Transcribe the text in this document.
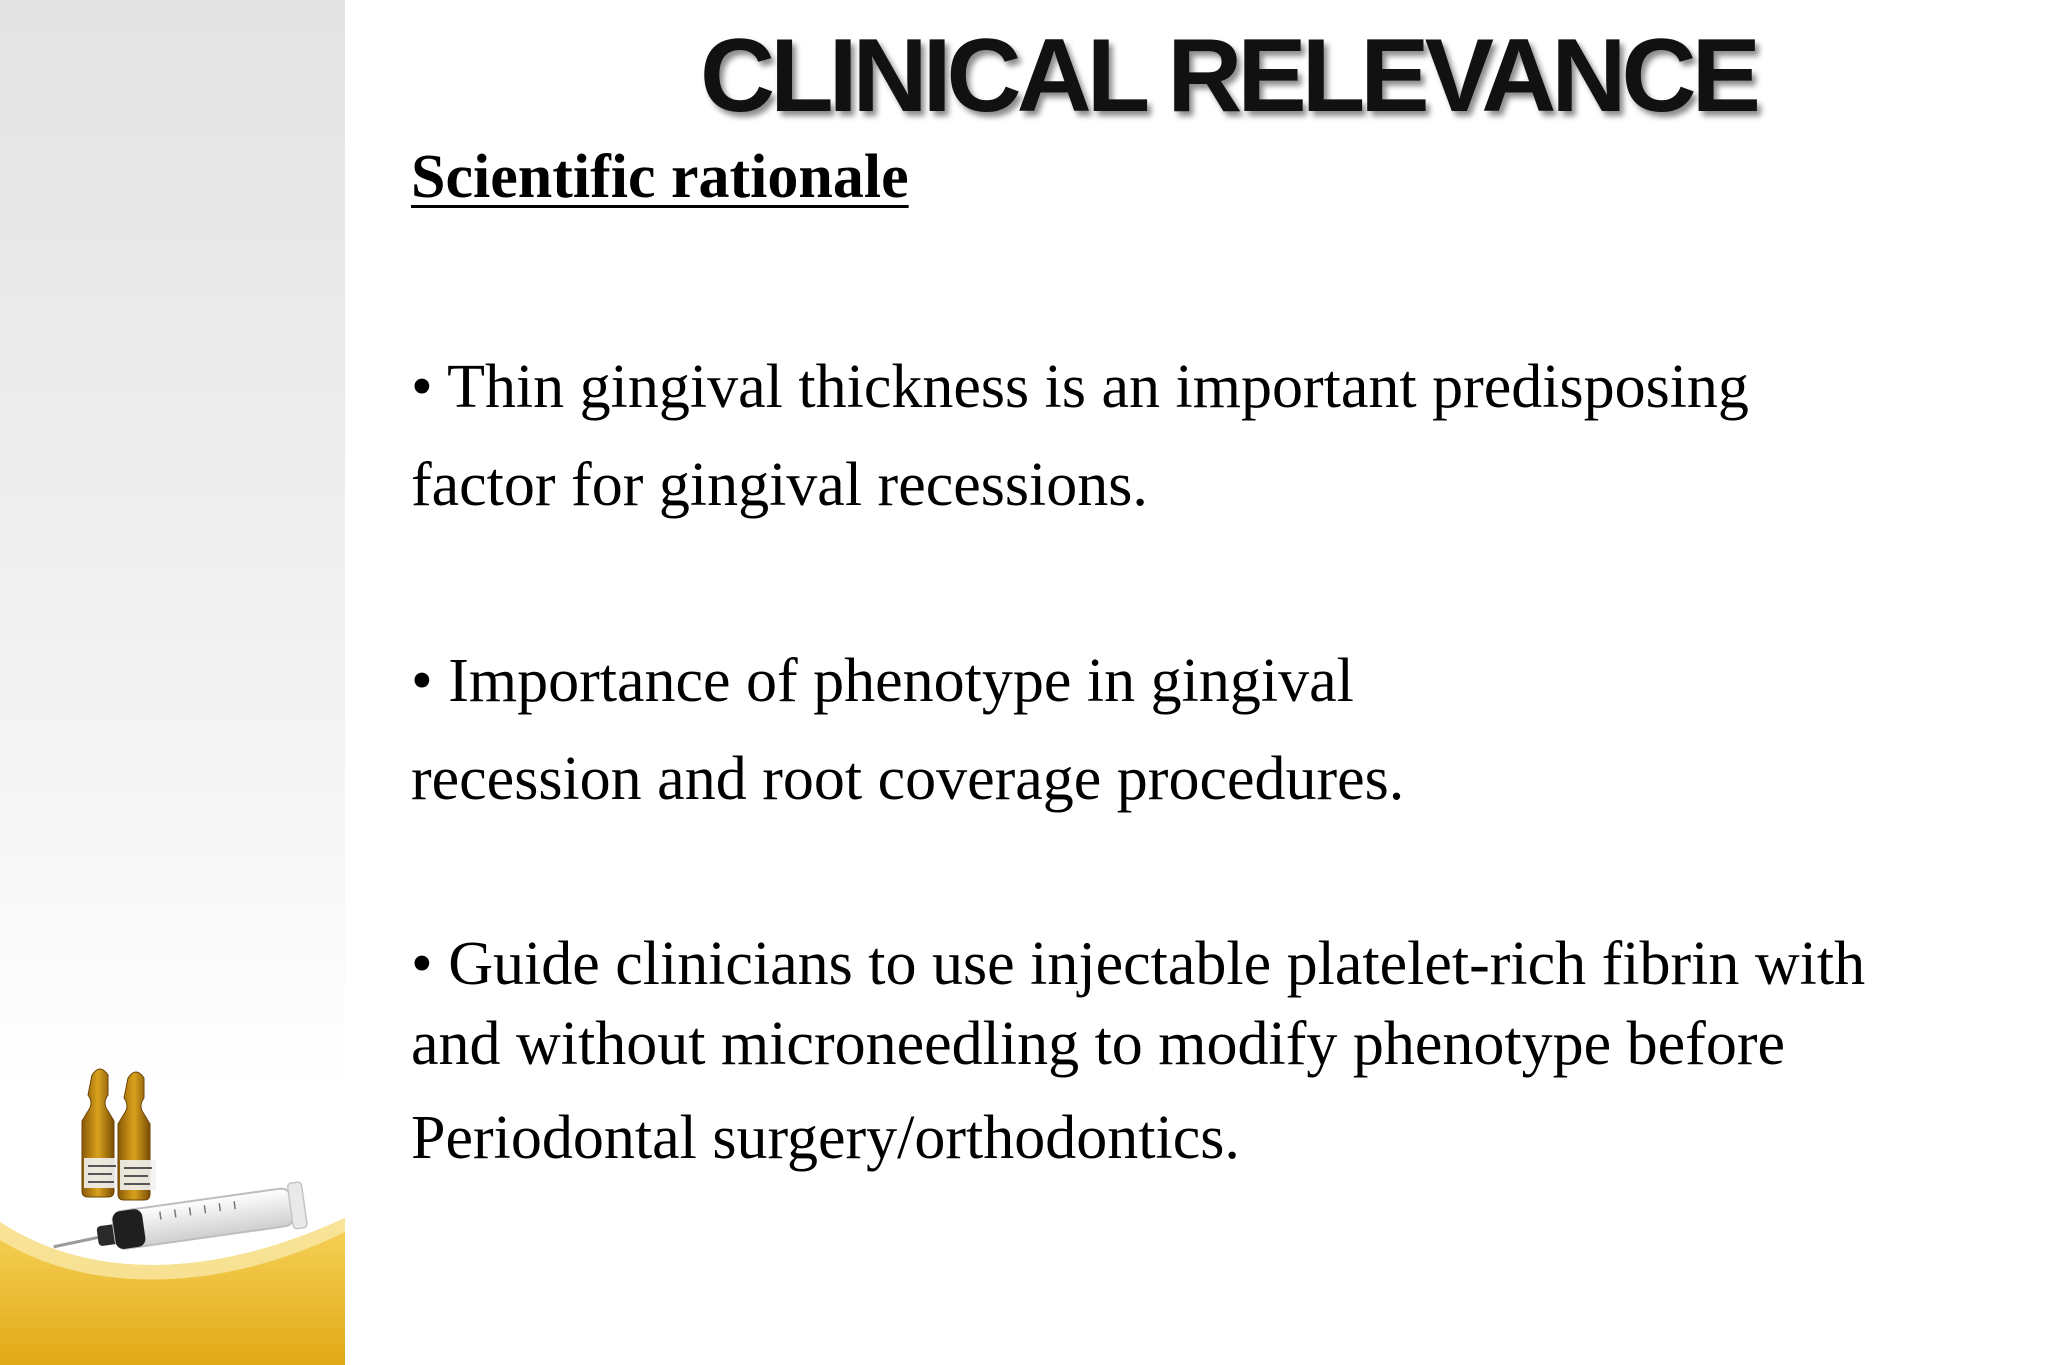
CLINICAL RELEVANCE
Scientific rationale
• Thin gingival thickness is an important predisposing
factor for gingival recessions.
• Importance of phenotype in gingival
recession and root coverage procedures.
• Guide clinicians to use injectable platelet-rich fibrin with
and without microneedling to modify phenotype before
Periodontal surgery/orthodontics.
